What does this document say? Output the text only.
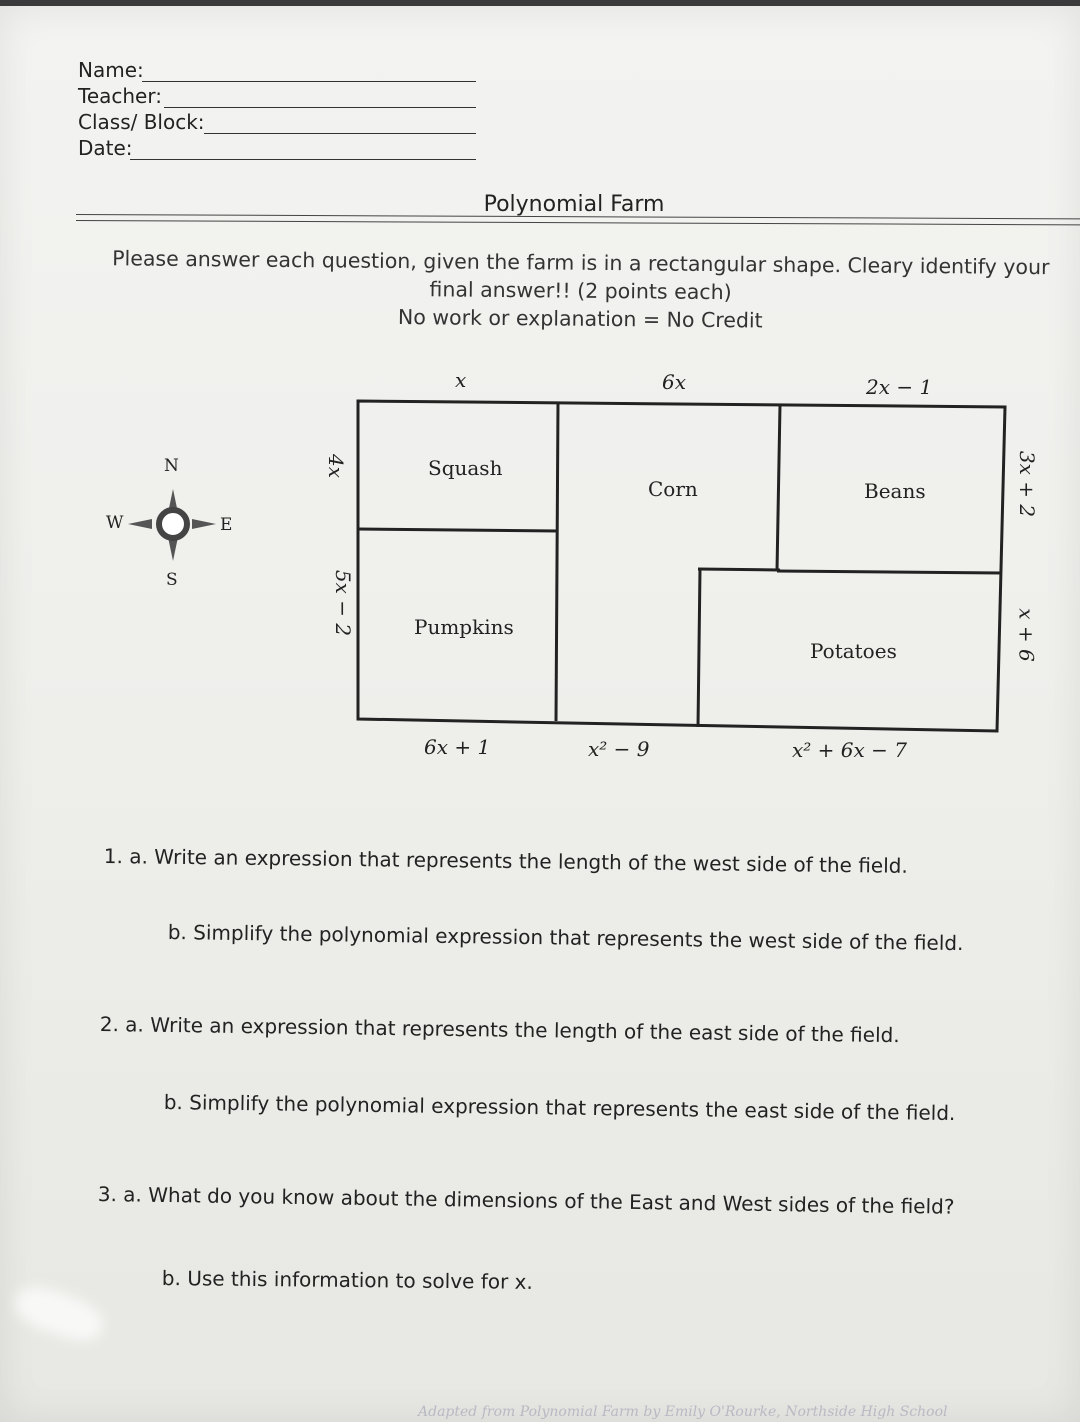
Name:
Teacher:
Class/ Block:
Date:
Polynomial Farm
Please answer each question, given the farm is in a rectangular shape. Cleary identify your
final answer!! (2 points each)
No work or explanation = No Credit
N
S
W	E
Squash
Pumpkins
Corn	Beans
Potatoes
x	6x	2x − 1
4x
5x − 2
3x + 2
x + 6
6x + 1	x² − 9	x² + 6x − 7
1. a. Write an expression that represents the length of the west side of the field.
b. Simplify the polynomial expression that represents the west side of the field.
2. a. Write an expression that represents the length of the east side of the field.
b. Simplify the polynomial expression that represents the east side of the field.
3. a. What do you know about the dimensions of the East and West sides of the field?
b. Use this information to solve for x.
Adapted from Polynomial Farm by Emily O'Rourke, Northside High School
